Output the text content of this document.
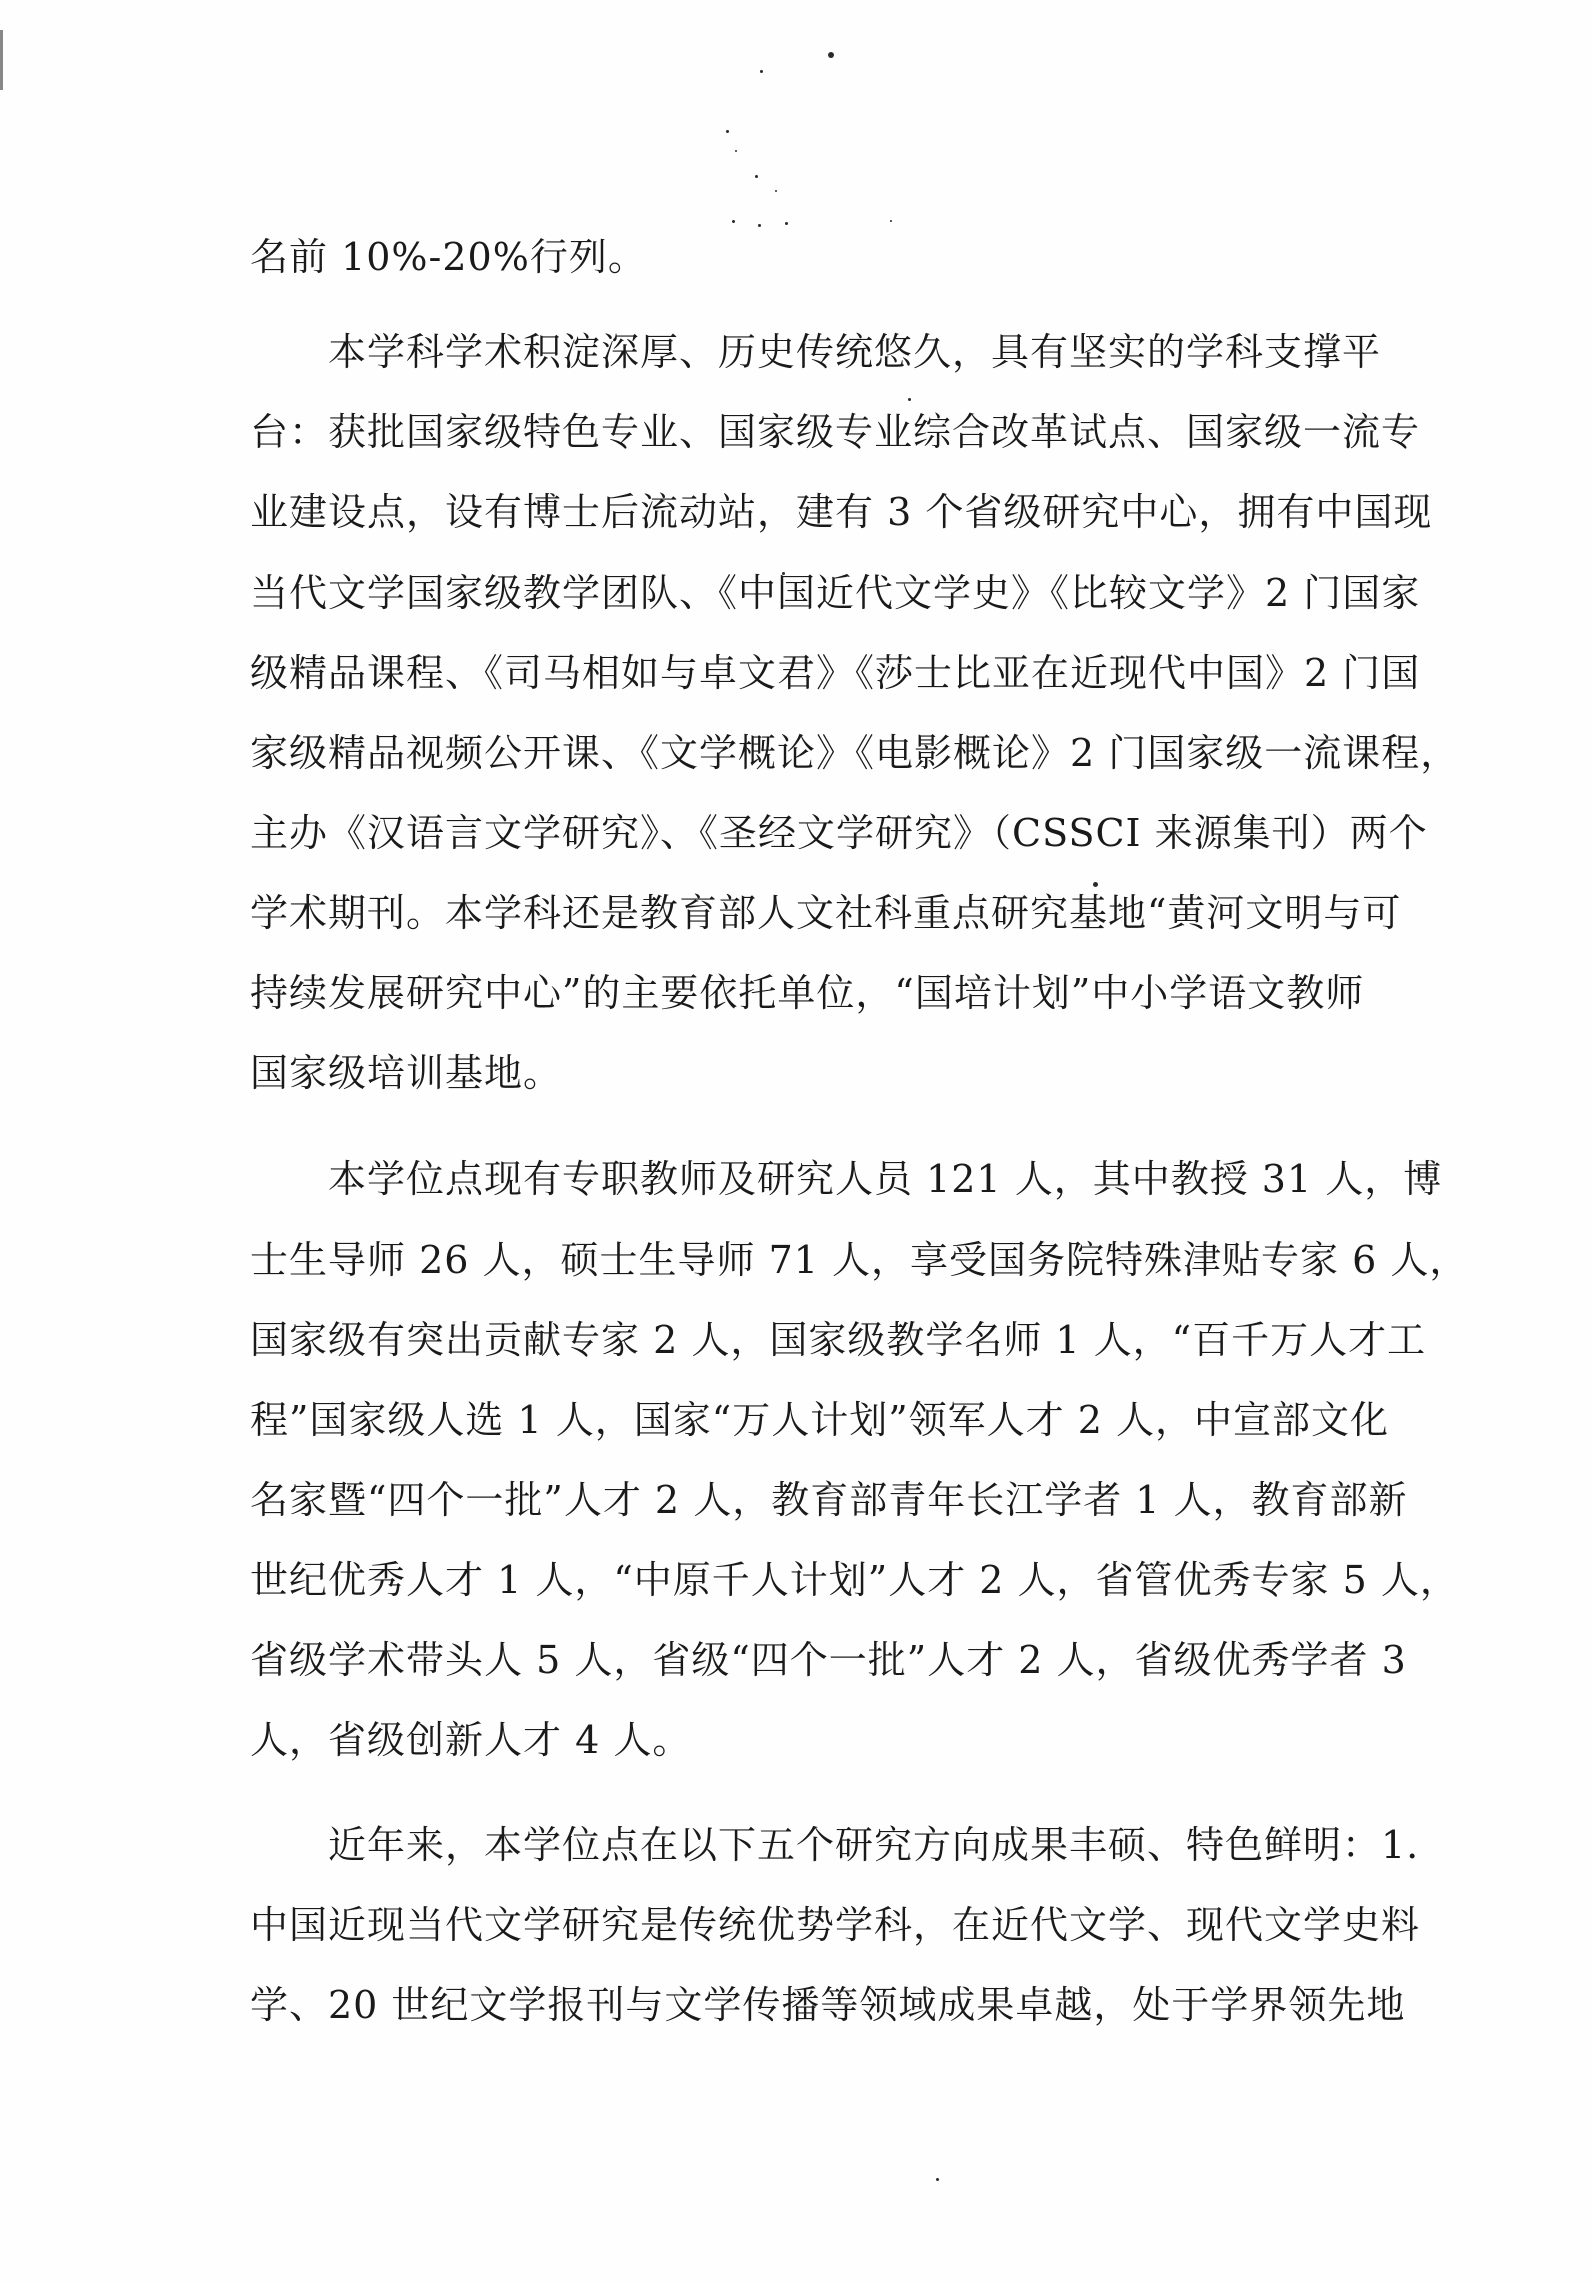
名前 10%-20%行列。
　　本学科学术积淀深厚、历史传统悠久，具有坚实的学科支撑平
台：获批国家级特色专业、国家级专业综合改革试点、国家级一流专
业建设点，设有博士后流动站，建有 3 个省级研究中心，拥有中国现
当代文学国家级教学团队、《中国近代文学史》《比较文学》2 门国家
级精品课程、《司马相如与卓文君》《莎士比亚在近现代中国》2 门国
家级精品视频公开课、《文学概论》《电影概论》2 门国家级一流课程，
主办《汉语言文学研究》、《圣经文学研究》（CSSCI 来源集刊）两个
学术期刊。本学科还是教育部人文社科重点研究基地“黄河文明与可
持续发展研究中心”的主要依托单位，“国培计划”中小学语文教师
国家级培训基地。
　　本学位点现有专职教师及研究人员 121 人，其中教授 31 人，博
士生导师 26 人，硕士生导师 71 人，享受国务院特殊津贴专家 6 人，
国家级有突出贡献专家 2 人，国家级教学名师 1 人，“百千万人才工
程”国家级人选 1 人，国家“万人计划”领军人才 2 人，中宣部文化
名家暨“四个一批”人才 2 人，教育部青年长江学者 1 人，教育部新
世纪优秀人才 1 人，“中原千人计划”人才 2 人，省管优秀专家 5 人，
省级学术带头人 5 人，省级“四个一批”人才 2 人，省级优秀学者 3
人，省级创新人才 4 人。
　　近年来，本学位点在以下五个研究方向成果丰硕、特色鲜明：1.
中国近现当代文学研究是传统优势学科，在近代文学、现代文学史料
学、20 世纪文学报刊与文学传播等领域成果卓越，处于学界领先地
